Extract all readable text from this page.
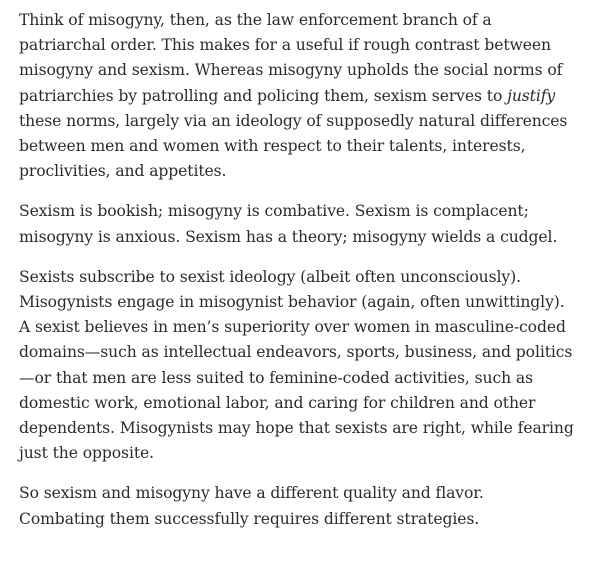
Think of misogyny, then, as the law enforcement branch of a
patriarchal order. This makes for a useful if rough contrast between
misogyny and sexism. Whereas misogyny upholds the social norms of
patriarchies by patrolling and policing them, sexism serves to justify
these norms, largely via an ideology of supposedly natural differences
between men and women with respect to their talents, interests,
proclivities, and appetites.

Sexism is bookish; misogyny is combative. Sexism is complacent;
misogyny is anxious. Sexism has a theory; misogyny wields a cudgel.

Sexists subscribe to sexist ideology (albeit often unconsciously).
Misogynists engage in misogynist behavior (again, often unwittingly).
A sexist believes in men’s superiority over women in masculine-coded
domains—such as intellectual endeavors, sports, business, and politics
—or that men are less suited to feminine-coded activities, such as
domestic work, emotional labor, and caring for children and other
dependents. Misogynists may hope that sexists are right, while fearing
just the opposite.

So sexism and misogyny have a different quality and flavor.
Combating them successfully requires different strategies.
